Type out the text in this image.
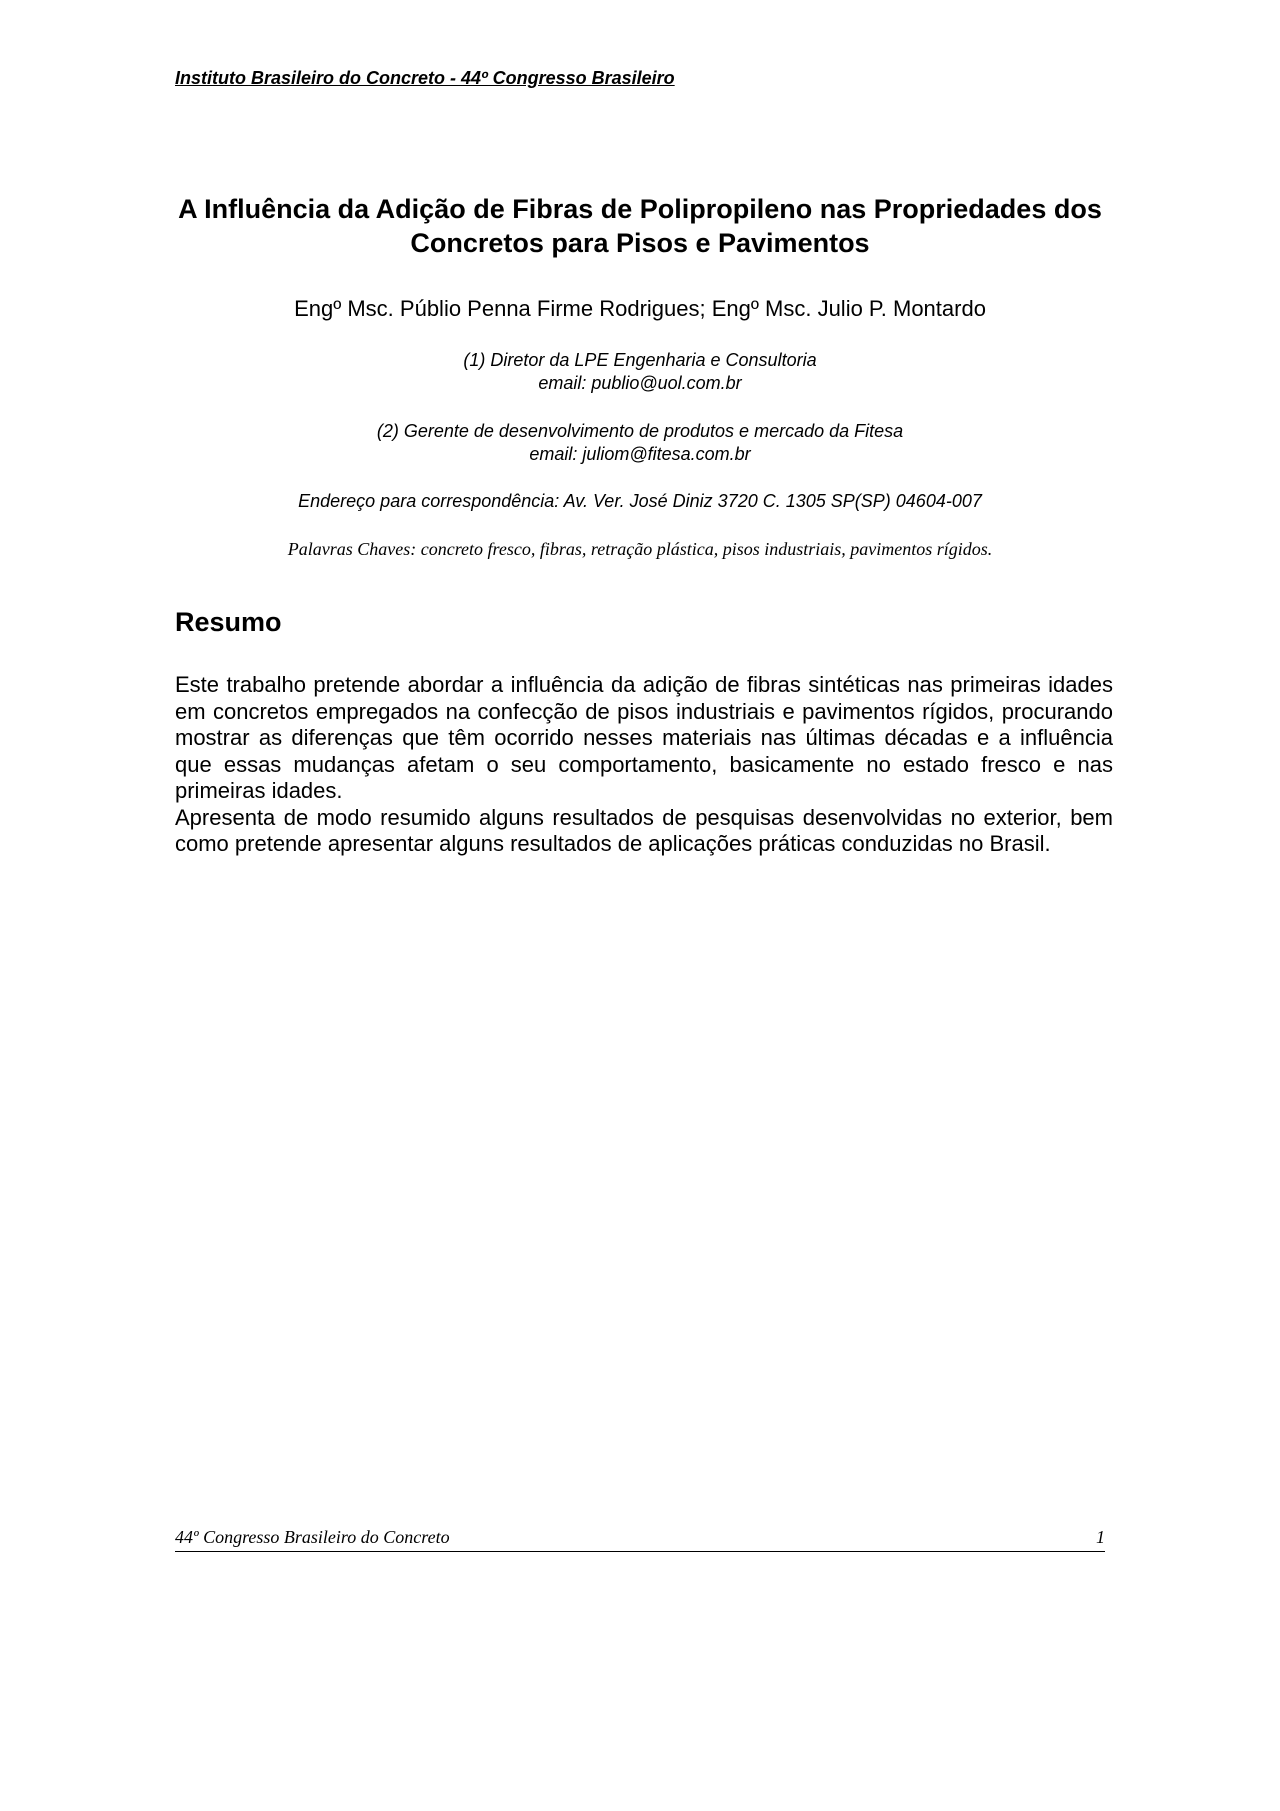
Instituto Brasileiro do Concreto - 44º Congresso Brasileiro
A Influência da Adição de Fibras de Polipropileno nas Propriedades dos
Concretos para Pisos e Pavimentos
Engº Msc. Públio Penna Firme Rodrigues; Engº Msc. Julio P. Montardo
(1) Diretor da LPE Engenharia e Consultoria
email: publio@uol.com.br
(2) Gerente de desenvolvimento de produtos e mercado da Fitesa
email: juliom@fitesa.com.br
Endereço para correspondência: Av. Ver. José Diniz 3720 C. 1305 SP(SP) 04604-007
Palavras Chaves: concreto fresco, fibras, retração plástica, pisos industriais, pavimentos rígidos.
Resumo

Este trabalho pretende abordar a influência da adição de fibras sintéticas nas primeiras idades em concretos empregados na confecção de pisos industriais e pavimentos rígidos, procurando mostrar as diferenças que têm ocorrido nesses materiais nas últimas décadas e a influência que essas mudanças afetam o seu comportamento, basicamente no estado fresco e nas primeiras idades.

Apresenta de modo resumido alguns resultados de pesquisas desenvolvidas no exterior, bem como pretende apresentar alguns resultados de aplicações práticas conduzidas no Brasil.

44º Congresso Brasileiro do Concreto	1
